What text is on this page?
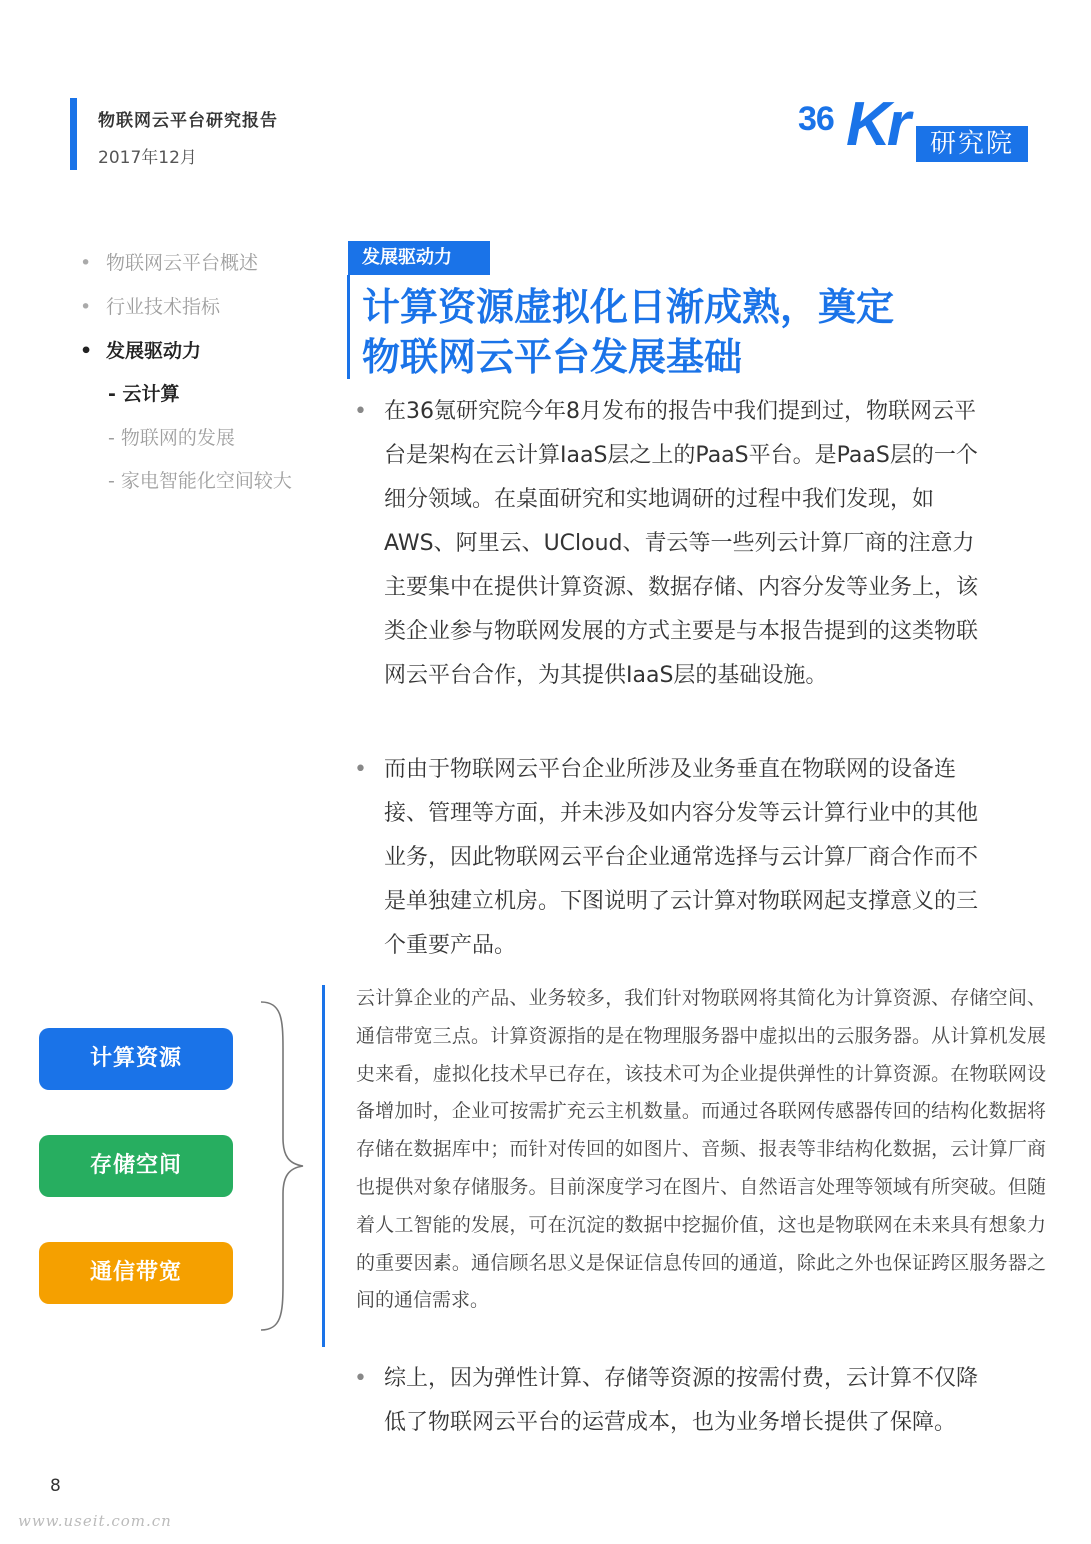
物联网云平台研究报告
2017年12月
36 Kr 研究院
• 物联网云平台概述
• 行业技术指标
• 发展驱动力
- 云计算
- 物联网的发展
- 家电智能化空间较大
发展驱动力
计算资源虚拟化日渐成熟，奠定
物联网云平台发展基础
• 在36氪研究院今年8月发布的报告中我们提到过，物联网云平台是架构在云计算IaaS层之上的PaaS平台。是PaaS层的一个细分领域。在桌面研究和实地调研的过程中我们发现，如AWS、阿里云、UCloud、青云等一些列云计算厂商的注意力主要集中在提供计算资源、数据存储、内容分发等业务上，该类企业参与物联网发展的方式主要是与本报告提到的这类物联网云平台合作，为其提供IaaS层的基础设施。
• 而由于物联网云平台企业所涉及业务垂直在物联网的设备连接、管理等方面，并未涉及如内容分发等云计算行业中的其他业务，因此物联网云平台企业通常选择与云计算厂商合作而不是单独建立机房。下图说明了云计算对物联网起支撑意义的三个重要产品。
计算资源
存储空间
通信带宽
云计算企业的产品、业务较多，我们针对物联网将其简化为计算资源、存储空间、通信带宽三点。计算资源指的是在物理服务器中虚拟出的云服务器。从计算机发展史来看，虚拟化技术早已存在，该技术可为企业提供弹性的计算资源。在物联网设备增加时，企业可按需扩充云主机数量。而通过各联网传感器传回的结构化数据将存储在数据库中；而针对传回的如图片、音频、报表等非结构化数据，云计算厂商也提供对象存储服务。目前深度学习在图片、自然语言处理等领域有所突破。但随着人工智能的发展，可在沉淀的数据中挖掘价值，这也是物联网在未来具有想象力的重要因素。通信顾名思义是保证信息传回的通道，除此之外也保证跨区服务器之间的通信需求。
• 综上，因为弹性计算、存储等资源的按需付费，云计算不仅降低了物联网云平台的运营成本，也为业务增长提供了保障。
8
www.useit.com.cn
